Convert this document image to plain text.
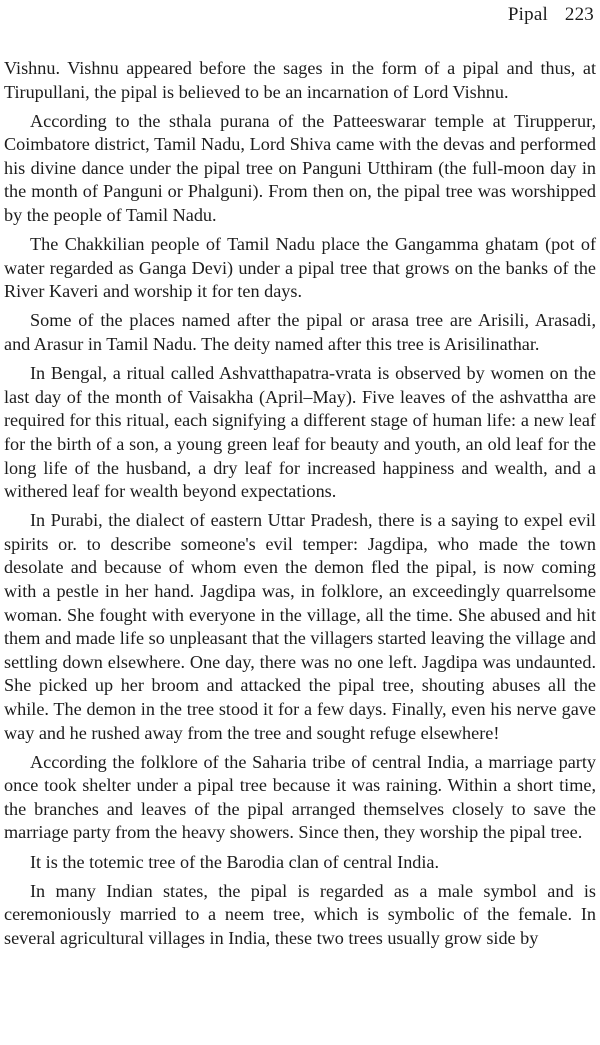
Pipal 223

Vishnu. Vishnu appeared before the sages in the form of a pipal and thus, at Tirupullani, the pipal is believed to be an incarnation of Lord Vishnu.

According to the sthala purana of the Patteeswarar temple at Tirupperur, Coimbatore district, Tamil Nadu, Lord Shiva came with the devas and performed his divine dance under the pipal tree on Panguni Utthiram (the full-moon day in the month of Panguni or Phalguni). From then on, the pipal tree was worshipped by the people of Tamil Nadu.

The Chakkilian people of Tamil Nadu place the Gangamma ghatam (pot of water regarded as Ganga Devi) under a pipal tree that grows on the banks of the River Kaveri and worship it for ten days.

Some of the places named after the pipal or arasa tree are Arisili, Arasadi, and Arasur in Tamil Nadu. The deity named after this tree is Arisilinathar.

In Bengal, a ritual called Ashvatthapatra-vrata is observed by women on the last day of the month of Vaisakha (April–May). Five leaves of the ashvattha are required for this ritual, each signifying a different stage of human life: a new leaf for the birth of a son, a young green leaf for beauty and youth, an old leaf for the long life of the husband, a dry leaf for increased happiness and wealth, and a withered leaf for wealth beyond expectations.

In Purabi, the dialect of eastern Uttar Pradesh, there is a saying to expel evil spirits or. to describe someone's evil temper: Jagdipa, who made the town desolate and because of whom even the demon fled the pipal, is now coming with a pestle in her hand. Jagdipa was, in folklore, an exceedingly quarrelsome woman. She fought with everyone in the village, all the time. She abused and hit them and made life so unpleasant that the villagers started leaving the village and settling down elsewhere. One day, there was no one left. Jagdipa was undaunted. She picked up her broom and attacked the pipal tree, shouting abuses all the while. The demon in the tree stood it for a few days. Finally, even his nerve gave way and he rushed away from the tree and sought refuge elsewhere!

According the folklore of the Saharia tribe of central India, a marriage party once took shelter under a pipal tree because it was raining. Within a short time, the branches and leaves of the pipal arranged themselves closely to save the marriage party from the heavy showers. Since then, they worship the pipal tree.

It is the totemic tree of the Barodia clan of central India.

In many Indian states, the pipal is regarded as a male symbol and is ceremoniously married to a neem tree, which is symbolic of the female. In several agricultural villages in India, these two trees usually grow side by
